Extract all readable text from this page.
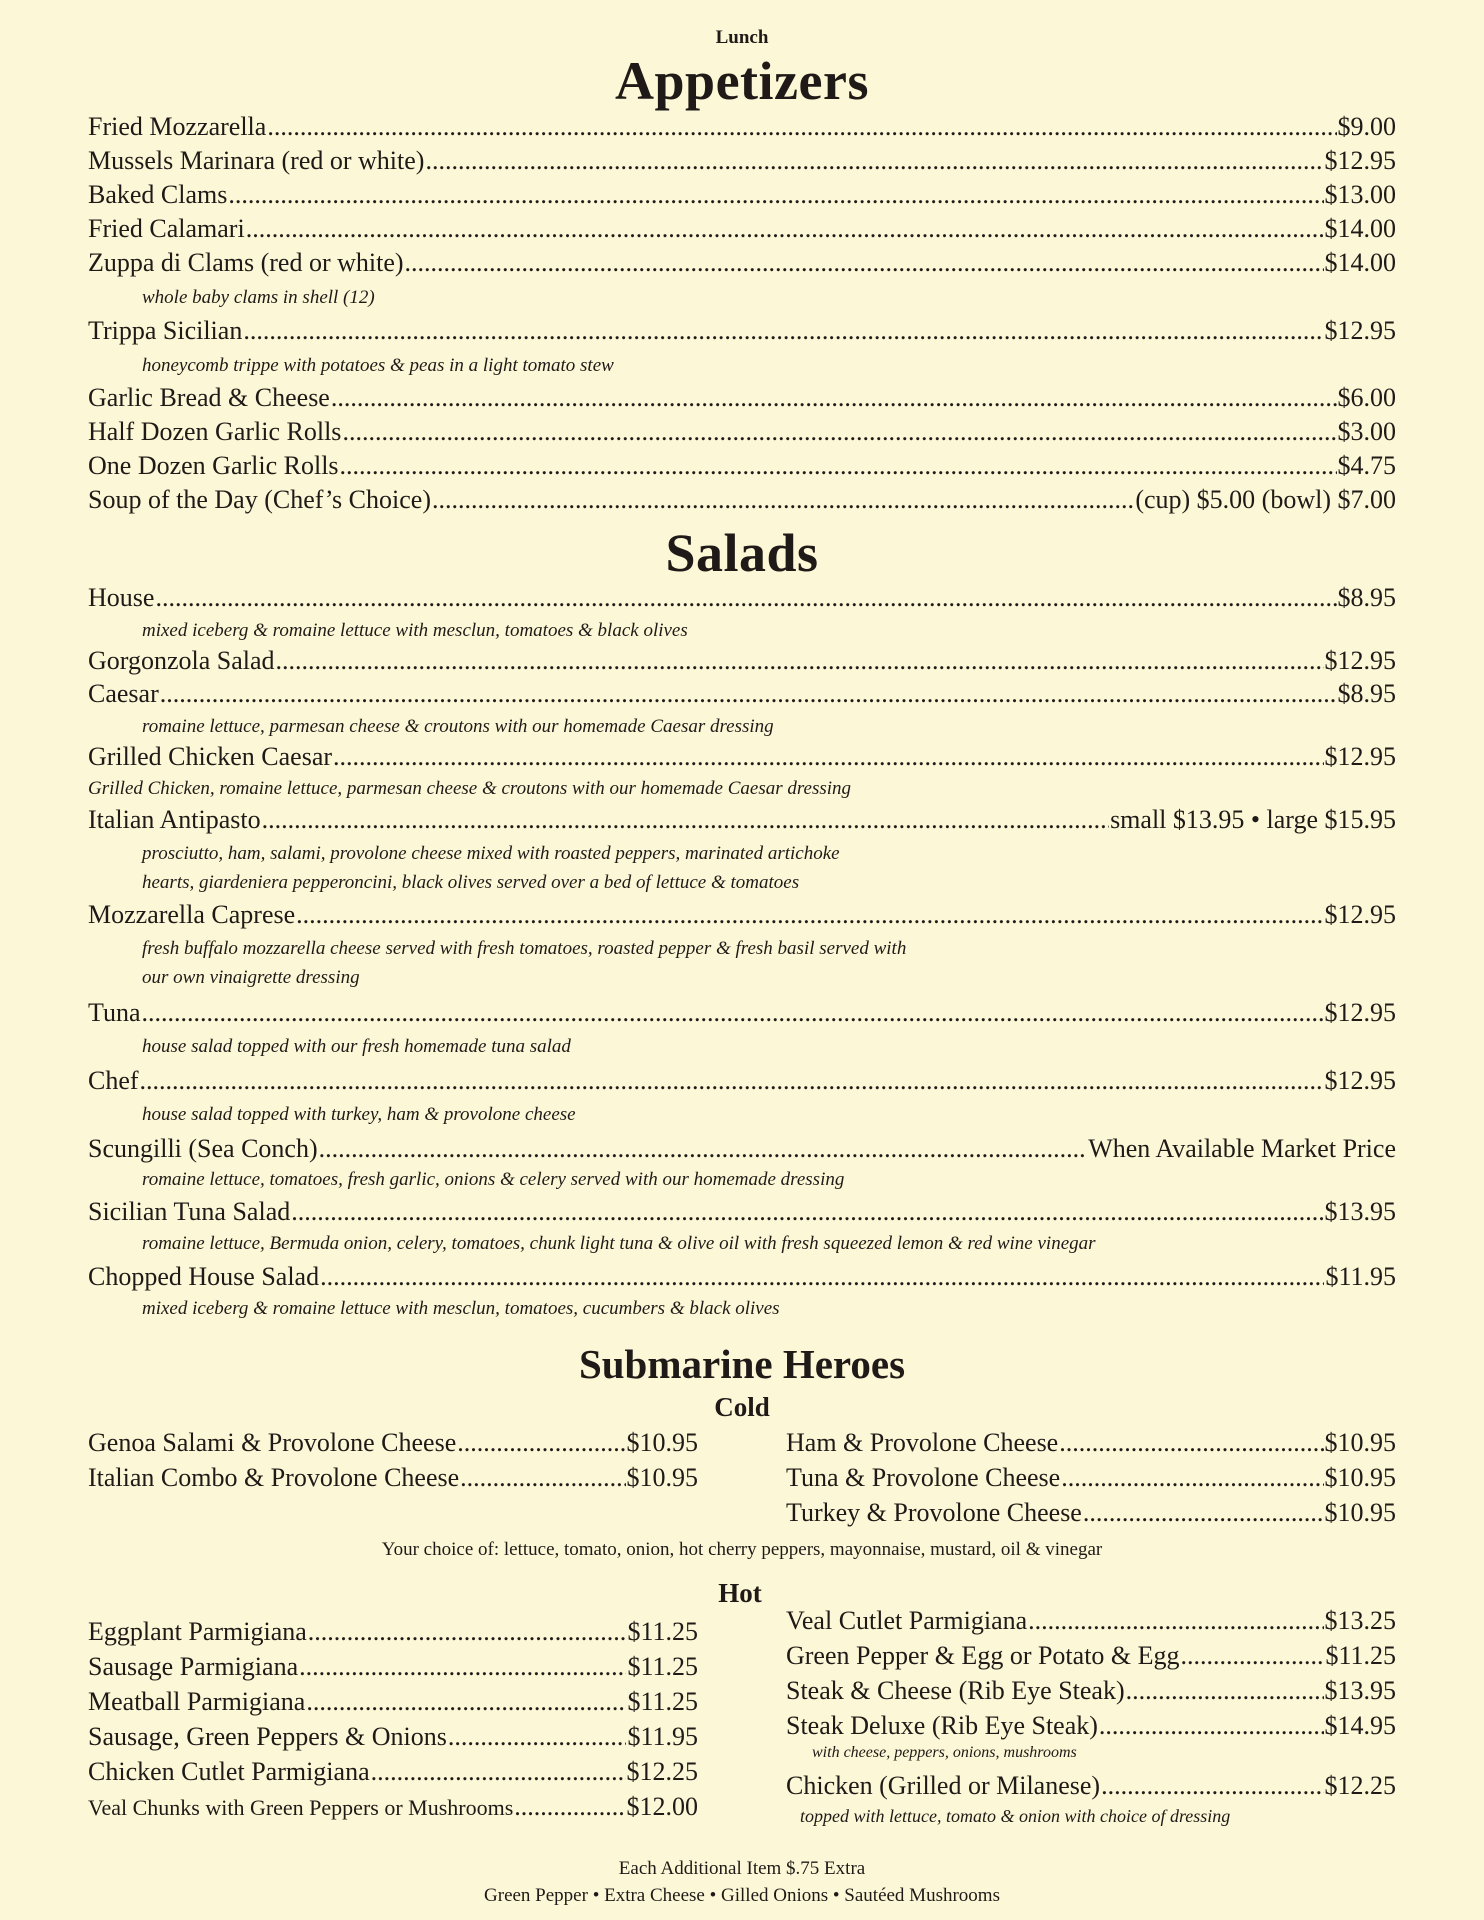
Lunch
Appetizers
Fried Mozzarella .....	$9.00
Mussels Marinara (red or white) .....	$12.95
Baked Clams .....	$13.00
Fried Calamari .....	$14.00
Zuppa di Clams (red or white) .....	$14.00
whole baby clams in shell (12)
Trippa Sicilian .....	$12.95
honeycomb trippe with potatoes & peas in a light tomato stew
Garlic Bread & Cheese .....	$6.00
Half Dozen Garlic Rolls .....	$3.00
One Dozen Garlic Rolls .....	$4.75
Soup of the Day (Chef’s Choice) .....	(cup) $5.00 (bowl) $7.00
Salads
House .....	$8.95
mixed iceberg & romaine lettuce with mesclun, tomatoes & black olives
Gorgonzola Salad .....	$12.95
Caesar .....	$8.95
romaine lettuce, parmesan cheese & croutons with our homemade Caesar dressing
Grilled Chicken Caesar .....	$12.95
Grilled Chicken, romaine lettuce, parmesan cheese & croutons with our homemade Caesar dressing
Italian Antipasto .....	small $13.95 • large $15.95
prosciutto, ham, salami, provolone cheese mixed with roasted peppers, marinated artichoke
hearts, giardeniera pepperoncini, black olives served over a bed of lettuce & tomatoes
Mozzarella Caprese .....	$12.95
fresh buffalo mozzarella cheese served with fresh tomatoes, roasted pepper & fresh basil served with
our own vinaigrette dressing
Tuna .....	$12.95
house salad topped with our fresh homemade tuna salad
Chef .....	$12.95
house salad topped with turkey, ham & provolone cheese
Scungilli (Sea Conch) .....	When Available Market Price
romaine lettuce, tomatoes, fresh garlic, onions & celery served with our homemade dressing
Sicilian Tuna Salad .....	$13.95
romaine lettuce, Bermuda onion, celery, tomatoes, chunk light tuna & olive oil with fresh squeezed lemon & red wine vinegar
Chopped House Salad .....	$11.95
mixed iceberg & romaine lettuce with mesclun, tomatoes, cucumbers & black olives
Submarine Heroes
Cold
Genoa Salami & Provolone Cheese .....	$10.95
Italian Combo & Provolone Cheese .....	$10.95
Ham & Provolone Cheese .....	$10.95
Tuna & Provolone Cheese .....	$10.95
Turkey & Provolone Cheese .....	$10.95
Your choice of: lettuce, tomato, onion, hot cherry peppers, mayonnaise, mustard, oil & vinegar
Hot
Eggplant Parmigiana .....	$11.25
Sausage Parmigiana .....	$11.25
Meatball Parmigiana .....	$11.25
Sausage, Green Peppers & Onions .....	$11.95
Chicken Cutlet Parmigiana .....	$12.25
Veal Chunks with Green Peppers or Mushrooms .....	$12.00
Veal Cutlet Parmigiana .....	$13.25
Green Pepper & Egg or Potato & Egg .....	$11.25
Steak & Cheese (Rib Eye Steak) .....	$13.95
Steak Deluxe (Rib Eye Steak) .....	$14.95
with cheese, peppers, onions, mushrooms
Chicken (Grilled or Milanese) .....	$12.25
topped with lettuce, tomato & onion with choice of dressing
Each Additional Item $.75 Extra
Green Pepper • Extra Cheese • Gilled Onions • Sautéed Mushrooms
